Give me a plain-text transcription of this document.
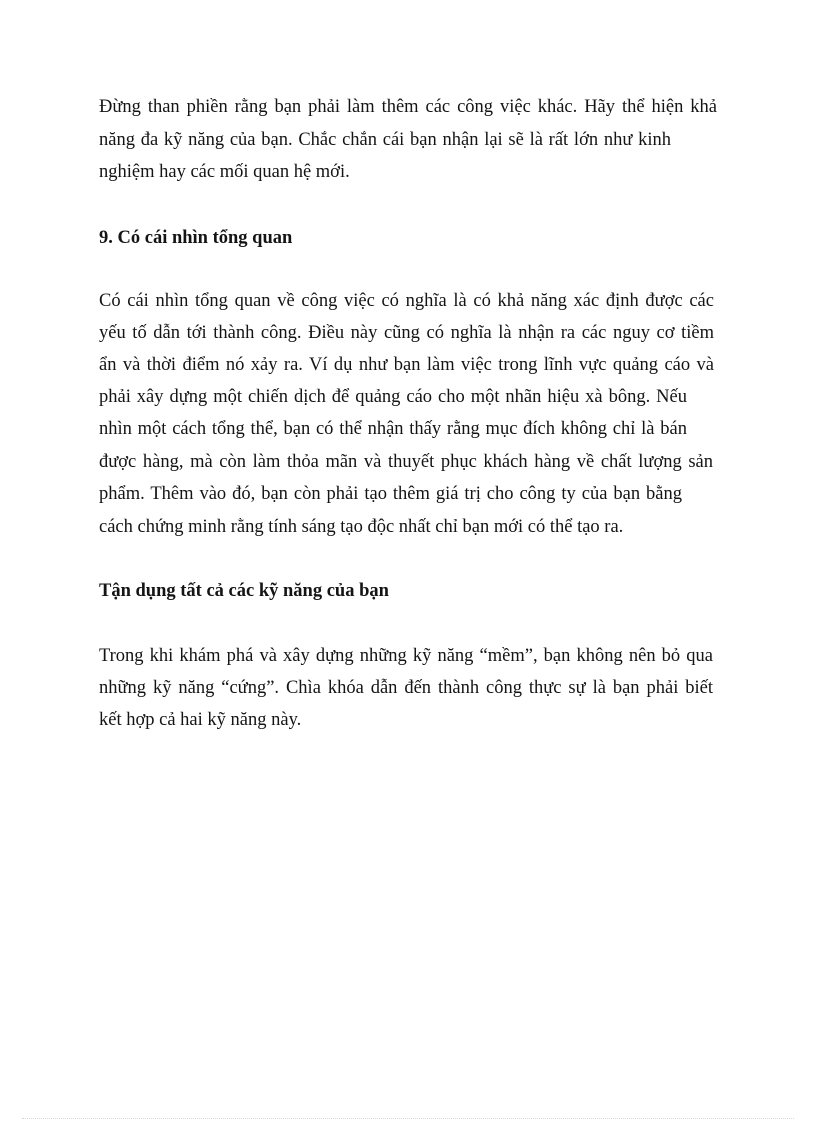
Đừng than phiền rằng bạn phải làm thêm các công việc khác. Hãy thể hiện khả
năng đa kỹ năng của bạn. Chắc chắn cái bạn nhận lại sẽ là rất lớn như kinh
nghiệm hay các mối quan hệ mới.
9. Có cái nhìn tổng quan
Có cái nhìn tổng quan về công việc có nghĩa là có khả năng xác định được các
yếu tố dẫn tới thành công. Điều này cũng có nghĩa là nhận ra các nguy cơ tiềm
ẩn và thời điểm nó xảy ra. Ví dụ như bạn làm việc trong lĩnh vực quảng cáo và
phải xây dựng một chiến dịch để quảng cáo cho một nhãn hiệu xà bông. Nếu
nhìn một cách tổng thể, bạn có thể nhận thấy rằng mục đích không chỉ là bán
được hàng, mà còn làm thỏa mãn và thuyết phục khách hàng về chất lượng sản
phẩm. Thêm vào đó, bạn còn phải tạo thêm giá trị cho công ty của bạn bằng
cách chứng minh rằng tính sáng tạo độc nhất chỉ bạn mới có thể tạo ra.
Tận dụng tất cả các kỹ năng của bạn
Trong khi khám phá và xây dựng những kỹ năng “mềm”, bạn không nên bỏ qua
những kỹ năng “cứng”. Chìa khóa dẫn đến thành công thực sự là bạn phải biết
kết hợp cả hai kỹ năng này.
